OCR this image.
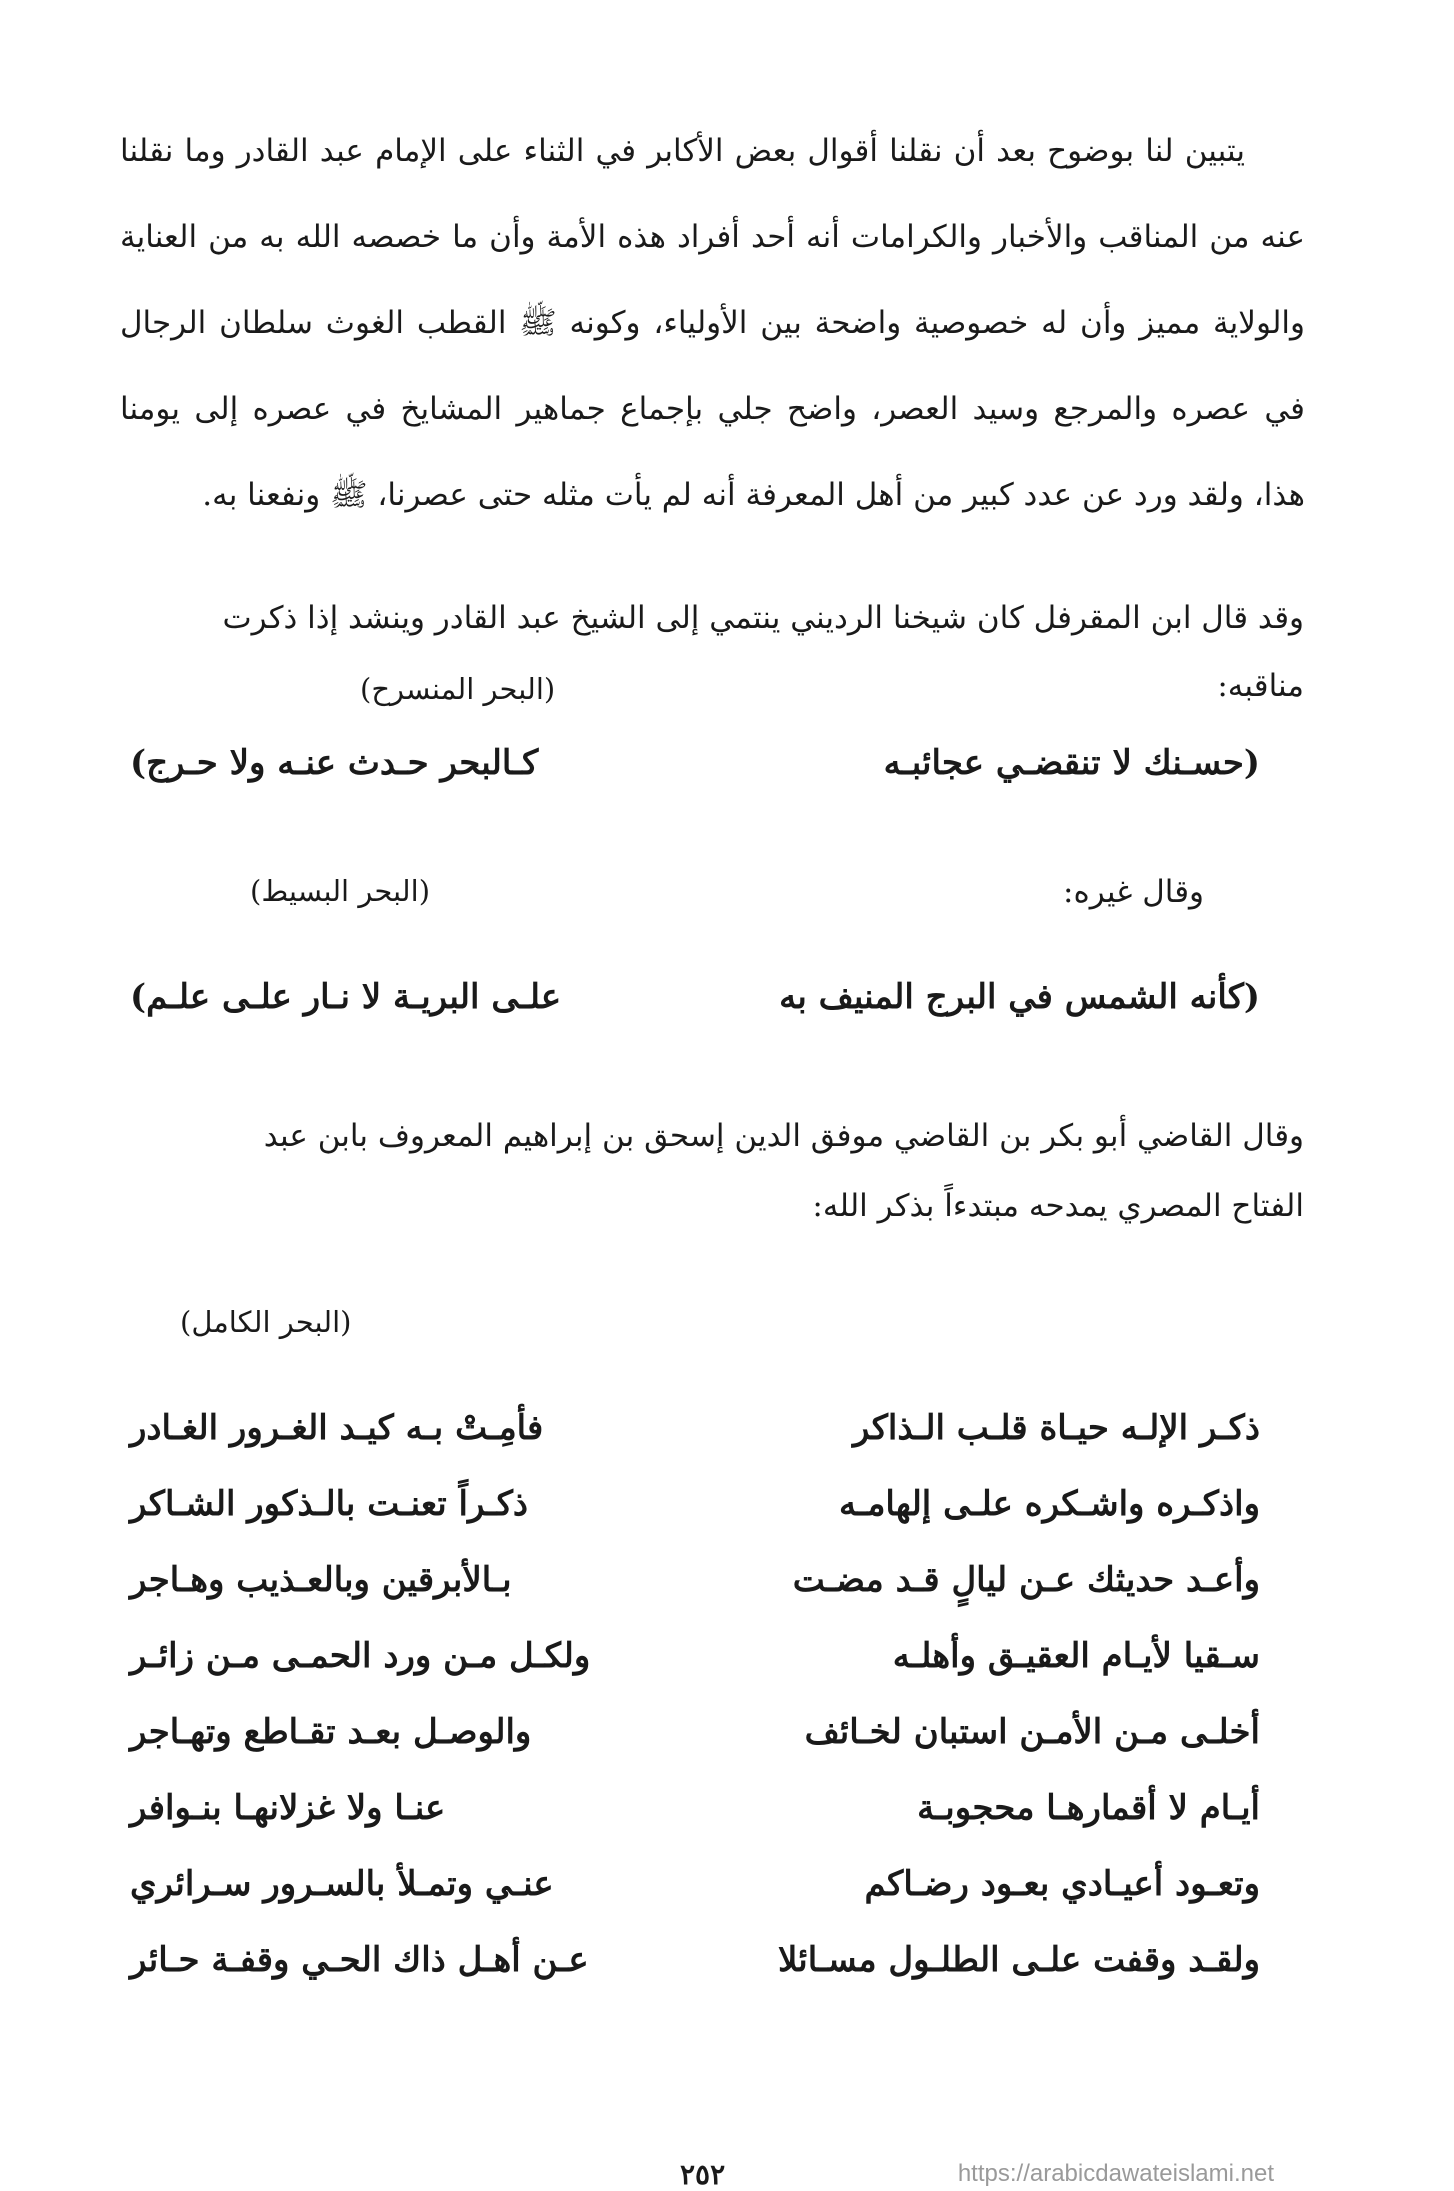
يتبين لنا بوضوح بعد أن نقلنا أقوال بعض الأكابر في الثناء على الإمام عبد القادر وما نقلنا عنه من المناقب والأخبار والكرامات أنه أحد أفراد هذه الأمة وأن ما خصصه الله به من العناية والولاية مميز وأن له خصوصية واضحة بين الأولياء، وكونه ﷺ القطب الغوث سلطان الرجال في عصره والمرجع وسيد العصر، واضح جلي بإجماع جماهير المشايخ في عصره إلى يومنا هذا، ولقد ورد عن عدد كبير من أهل المعرفة أنه لم يأت مثله حتى عصرنا، ﷺ ونفعنا به.
وقد قال ابن المقرفل كان شيخنا الرديني ينتمي إلى الشيخ عبد القادر وينشد إذا ذكرت
مناقبه:
(البحر المنسرح)
(حسـنك لا تنقضـي عجائبـه
كـالبحر حـدث عنـه ولا حـرج)
وقال غيره:
(البحر البسيط)
(كأنه الشمس في البرج المنيف به
علـى البريـة لا نـار علـى علـم)
وقال القاضي أبو بكر بن القاضي موفق الدين إسحق بن إبراهيم المعروف بابن عبد
الفتاح المصري يمدحه مبتدءاً بذكر الله:
(البحر الكامل)
ذكـر الإلـه حيـاة قلـب الـذاكر
فأمِـتْ بـه كيـد الغـرور الغـادر
واذكـره واشـكره علـى إلهامـه
ذكـراً تعنـت بالـذكور الشـاكر
وأعـد حديثك عـن ليالٍ قـد مضـت
بـالأبرقين وبالعـذيب وهـاجر
سـقيا لأيـام العقيـق وأهلـه
ولكـل مـن ورد الحمـى مـن زائـر
أخلـى مـن الأمـن استبان لخـائف
والوصـل بعـد تقـاطع وتهـاجر
أيـام لا أقمارهـا محجوبـة
عنـا ولا غزلانهـا بنـوافر
وتعـود أعيـادي بعـود رضـاكم
عنـي وتمـلأ بالسـرور سـرائري
ولقـد وقفت علـى الطلـول مسـائلا
عـن أهـل ذاك الحـي وقفـة حـائر
٢٥٢	https://arabicdawateislami.net
